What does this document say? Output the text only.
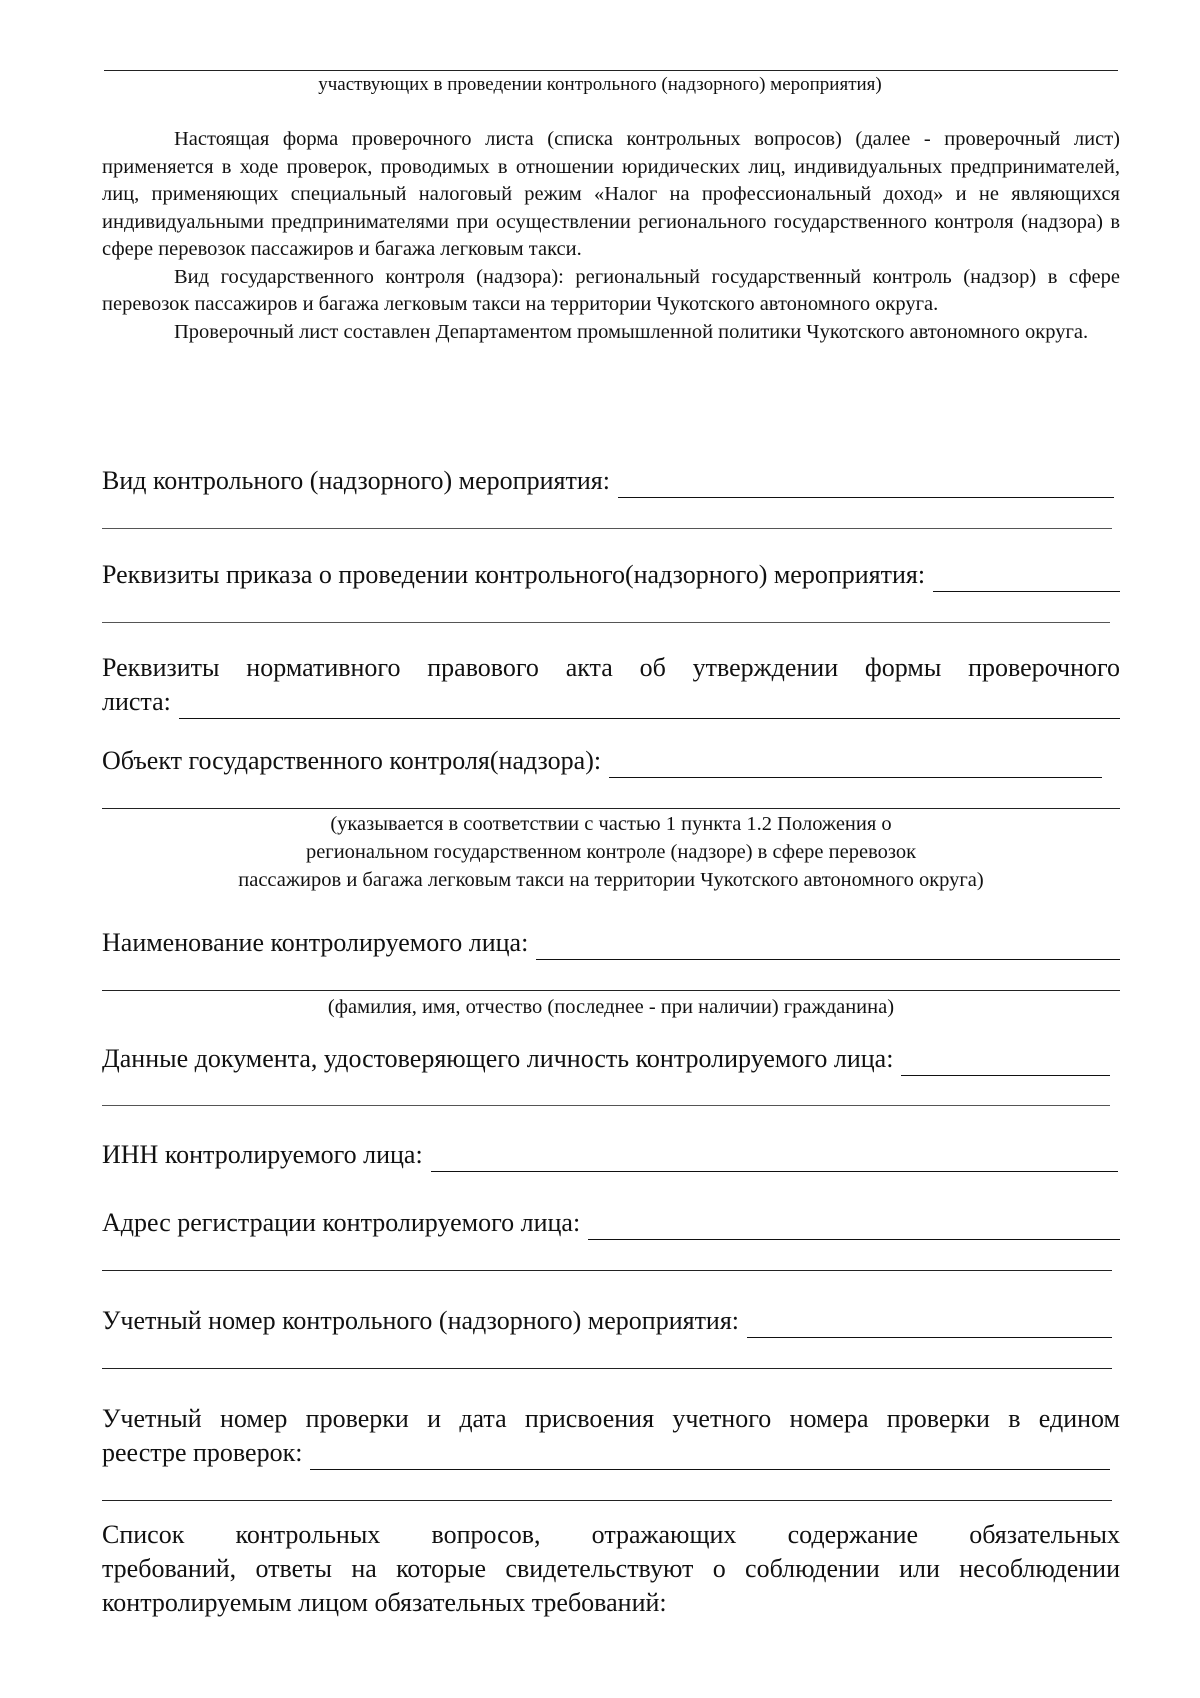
участвующих в проведении контрольного (надзорного) мероприятия)

Настоящая форма проверочного листа (списка контрольных вопросов) (далее - проверочный лист) применяется в ходе проверок, проводимых в отношении юридических лиц, индивидуальных предпринимателей, лиц, применяющих специальный налоговый режим «Налог на профессиональный доход» и не являющихся индивидуальными предпринимателями при осуществлении регионального государственного контроля (надзора) в сфере перевозок пассажиров и багажа легковым такси.

Вид государственного контроля (надзора): региональный государственный контроль (надзор) в сфере перевозок пассажиров и багажа легковым такси на территории Чукотского автономного округа.

Проверочный лист составлен Департаментом промышленной политики Чукотского автономного округа.

Вид контрольного (надзорного) мероприятия:
Реквизиты приказа о проведении контрольного(надзорного) мероприятия:
Реквизиты нормативного правового акта об утверждении формы проверочного
листа:
Объект государственного контроля(надзора):
(указывается в соответствии с частью 1 пункта 1.2 Положения о
региональном государственном контроле (надзоре) в сфере перевозок
пассажиров и багажа легковым такси на территории Чукотского автономного округа)
Наименование контролируемого лица:
(фамилия, имя, отчество (последнее - при наличии) гражданина)
Данные документа, удостоверяющего личность контролируемого лица:
ИНН контролируемого лица:
Адрес регистрации контролируемого лица:
Учетный номер контрольного (надзорного) мероприятия:
Учетный номер проверки и дата присвоения учетного номера проверки в едином
реестре проверок:

Список контрольных вопросов, отражающих содержание обязательных

требований, ответы на которые свидетельствуют о соблюдении или несоблюдении

контролируемым лицом обязательных требований:
